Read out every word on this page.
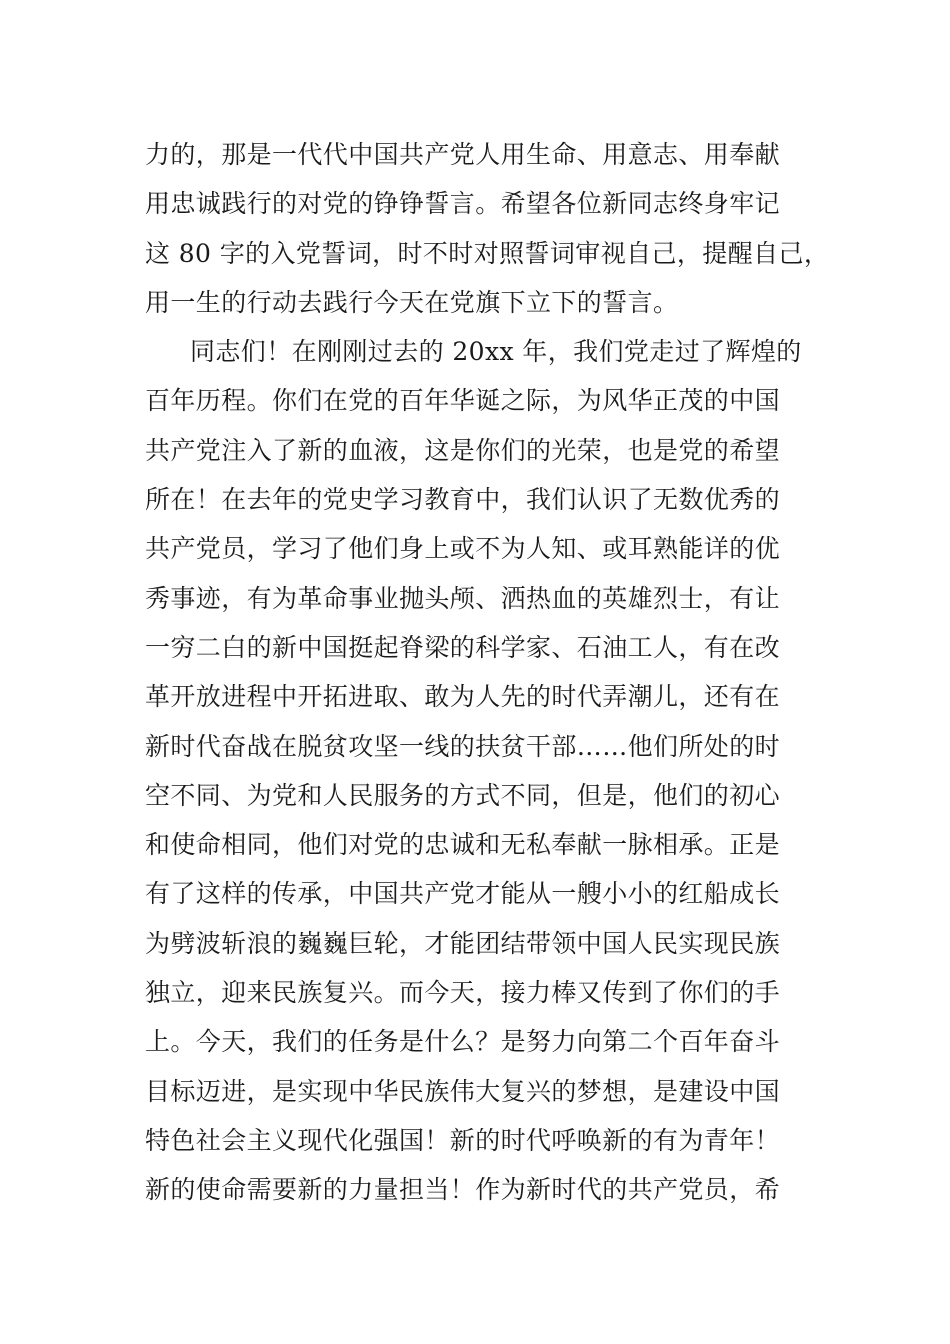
力的，那是一代代中国共产党人用生命、用意志、用奉献
用忠诚践行的对党的铮铮誓言。希望各位新同志终身牢记
这 80 字的入党誓词，时不时对照誓词审视自己，提醒自己，
用一生的行动去践行今天在党旗下立下的誓言。
同志们！在刚刚过去的 20xx 年，我们党走过了辉煌的
百年历程。你们在党的百年华诞之际，为风华正茂的中国
共产党注入了新的血液，这是你们的光荣，也是党的希望
所在！在去年的党史学习教育中，我们认识了无数优秀的
共产党员，学习了他们身上或不为人知、或耳熟能详的优
秀事迹，有为革命事业抛头颅、洒热血的英雄烈士，有让
一穷二白的新中国挺起脊梁的科学家、石油工人，有在改
革开放进程中开拓进取、敢为人先的时代弄潮儿，还有在
新时代奋战在脱贫攻坚一线的扶贫干部……他们所处的时
空不同、为党和人民服务的方式不同，但是，他们的初心
和使命相同，他们对党的忠诚和无私奉献一脉相承。正是
有了这样的传承，中国共产党才能从一艘小小的红船成长
为劈波斩浪的巍巍巨轮，才能团结带领中国人民实现民族
独立，迎来民族复兴。而今天，接力棒又传到了你们的手
上。今天，我们的任务是什么？是努力向第二个百年奋斗
目标迈进，是实现中华民族伟大复兴的梦想，是建设中国
特色社会主义现代化强国！新的时代呼唤新的有为青年！
新的使命需要新的力量担当！作为新时代的共产党员，希
